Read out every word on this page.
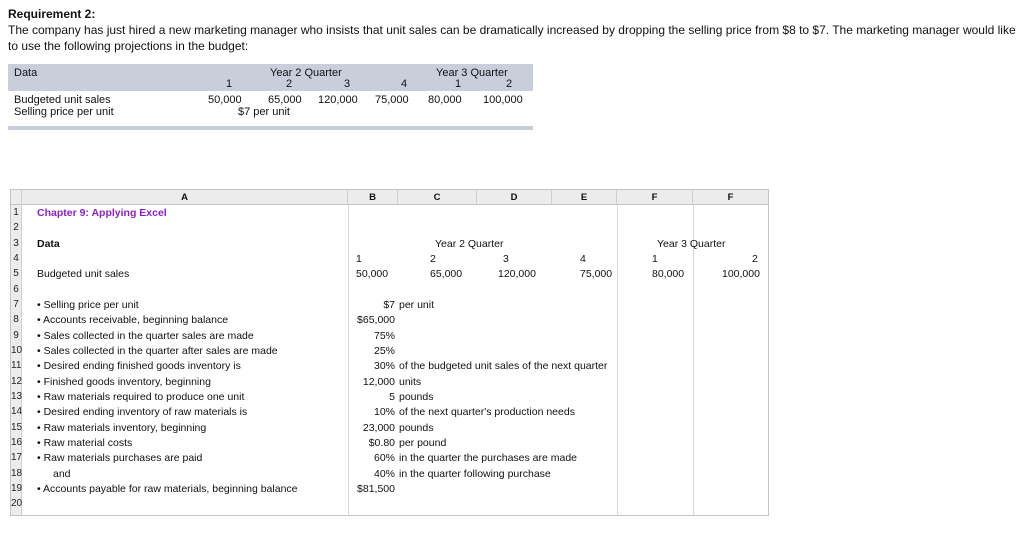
Requirement 2:
The company has just hired a new marketing manager who insists that unit sales can be dramatically increased by dropping the selling price from $8 to $7. The marketing manager would like to use the following projections in the budget:
Data	Year 2 Quarter	Year 3 Quarter
1	2	3	4	1	2
Budgeted unit sales	50,000 65,000 120,000 75,000 80,000 100,000
Selling price per unit	$7 per unit
A	B	C	D	E	F	F
1
2
3
4
5
6
7
8
9
10
11
12
13
14
15
16
17
18
19
20
Chapter 9: Applying Excel
Data	Year 2 Quarter	Year 3 Quarter
1	2	3	4	1	2
Budgeted unit sales	50,000	65,000	120,000	75,000	80,000	100,000
• Selling price per unit	$7 per unit
• Accounts receivable, beginning balance	$65,000
• Sales collected in the quarter sales are made	75%
• Sales collected in the quarter after sales are made	25%
• Desired ending finished goods inventory is	30% of the budgeted unit sales of the next quarter
• Finished goods inventory, beginning	12,000 units
• Raw materials required to produce one unit	5 pounds
• Desired ending inventory of raw materials is	10% of the next quarter's production needs
• Raw materials inventory, beginning	23,000 pounds
• Raw material costs	$0.80 per pound
• Raw materials purchases are paid	60% in the quarter the purchases are made
and	40% in the quarter following purchase
• Accounts payable for raw materials, beginning balance	$81,500
